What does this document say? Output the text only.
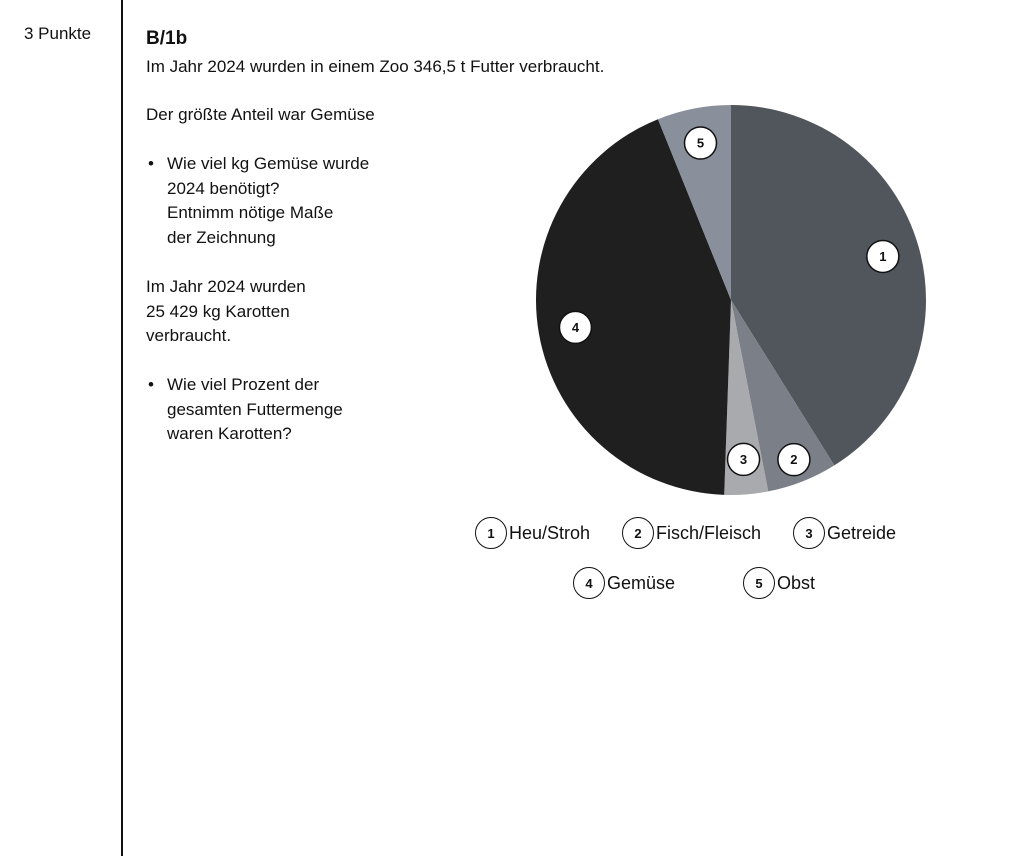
3 Punkte	B/1b
Im Jahr 2024 wurden in einem Zoo 346,5 t Futter verbraucht.
Der größte Anteil war Gemüse
• Wie viel kg Gemüse wurde
2024 benötigt?
Entnimm nötige Maße
der Zeichnung
Im Jahr 2024 wurden
25 429 kg Karotten
verbraucht.
• Wie viel Prozent der
gesamten Futtermenge
waren Karotten?
1
2
3
4
5
1 Heu/Stroh	2 Fisch/Fleisch	3 Getreide
4 Gemüse	5 Obst
